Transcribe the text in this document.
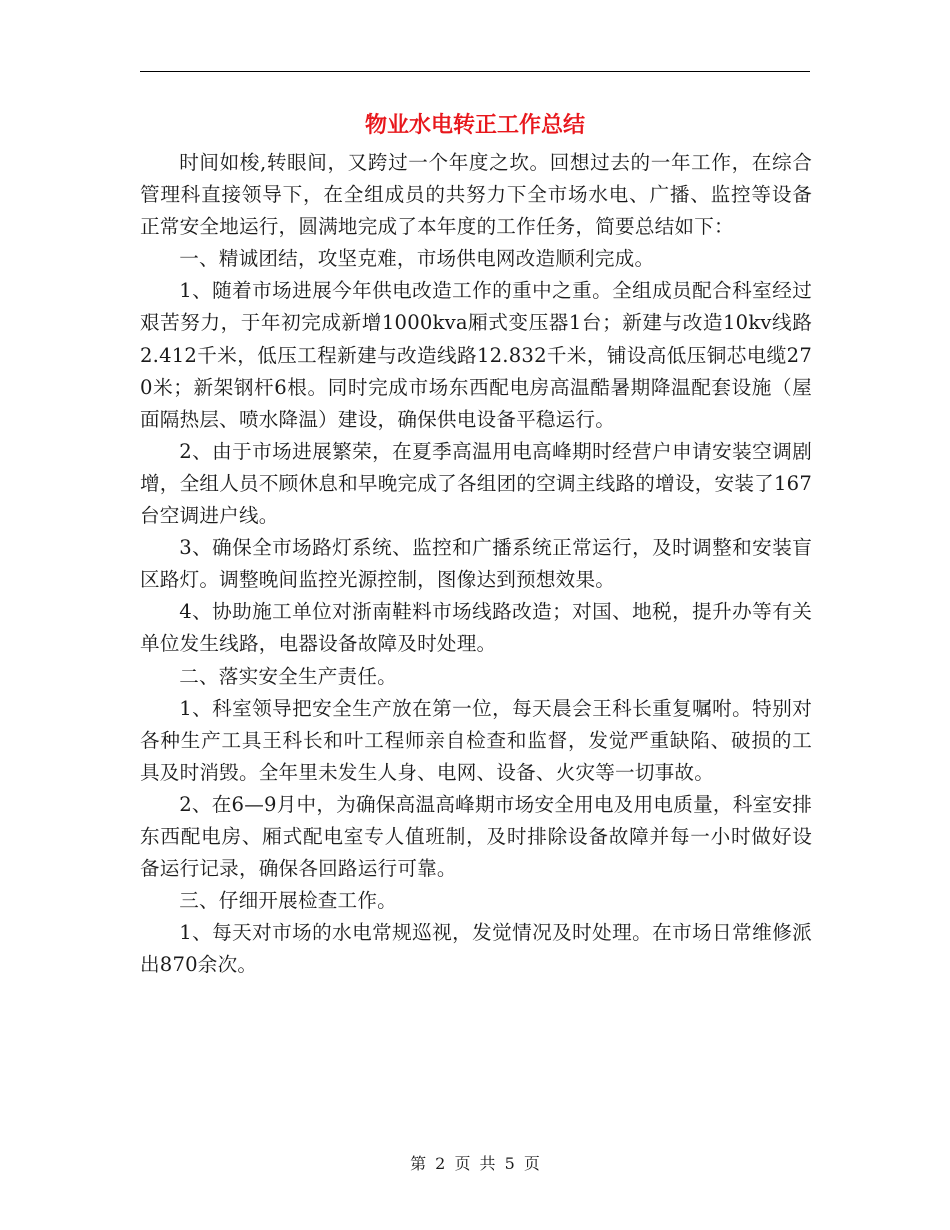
物业水电转正工作总结

时间如梭,转眼间，又跨过一个年度之坎。回想过去的一年工作，在综合管理科直接领导下，在全组成员的共努力下全市场水电、广播、监控等设备正常安全地运行，圆满地完成了本年度的工作任务，简要总结如下：

一、精诚团结，攻坚克难，市场供电网改造顺利完成。

1、随着市场进展今年供电改造工作的重中之重。全组成员配合科室经过艰苦努力，于年初完成新增1000kva厢式变压器1台；新建与改造10kv线路2.412千米，低压工程新建与改造线路12.832千米，铺设高低压铜芯电缆270米；新架钢杆6根。同时完成市场东西配电房高温酷暑期降温配套设施（屋面隔热层、喷水降温）建设，确保供电设备平稳运行。

2、由于市场进展繁荣，在夏季高温用电高峰期时经营户申请安装空调剧增，全组人员不顾休息和早晚完成了各组团的空调主线路的增设，安装了167台空调进户线。

3、确保全市场路灯系统、监控和广播系统正常运行，及时调整和安装盲区路灯。调整晚间监控光源控制，图像达到预想效果。

4、协助施工单位对浙南鞋料市场线路改造；对国、地税，提升办等有关单位发生线路，电器设备故障及时处理。

二、落实安全生产责任。

1、科室领导把安全生产放在第一位，每天晨会王科长重复嘱咐。特别对各种生产工具王科长和叶工程师亲自检查和监督，发觉严重缺陷、破损的工具及时消毁。全年里未发生人身、电网、设备、火灾等一切事故。

2、在6—9月中，为确保高温高峰期市场安全用电及用电质量，科室安排东西配电房、厢式配电室专人值班制，及时排除设备故障并每一小时做好设备运行记录，确保各回路运行可靠。

三、仔细开展检查工作。

1、每天对市场的水电常规巡视，发觉情况及时处理。在市场日常维修派出870余次。

第 2 页 共 5 页
